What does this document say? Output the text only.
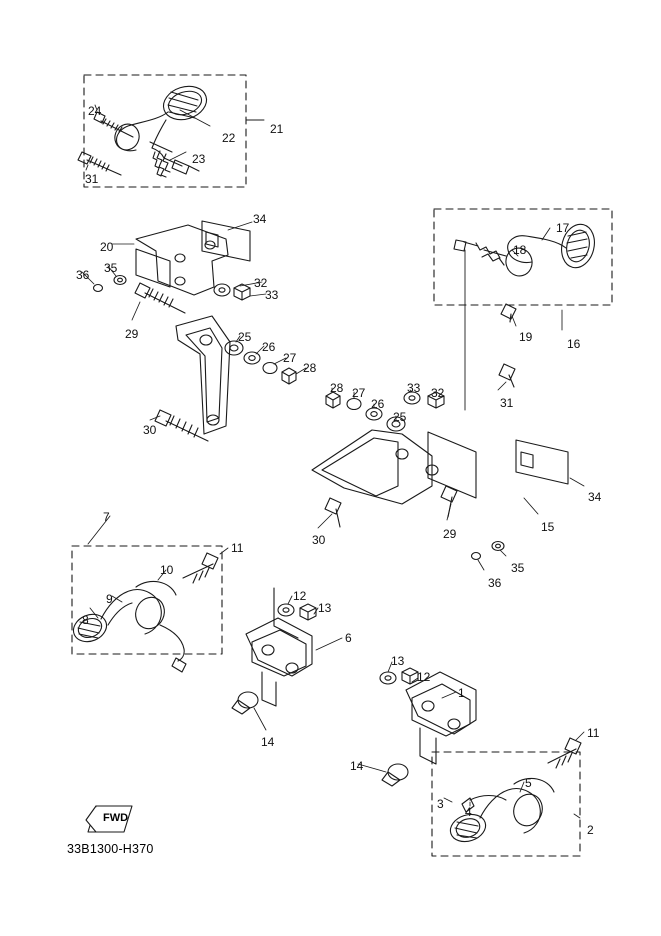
FWD
33B1300-H370
24
22
21
23
31
34
20
17
18
36 35
32
33
16
19
29	25
26
27
28
31
28 27
26
33 32
25
30
34
15
29
30
35
36
7
11
10
9
8
12
13
6
13
12
1
14
11
14
5
3
4
2
